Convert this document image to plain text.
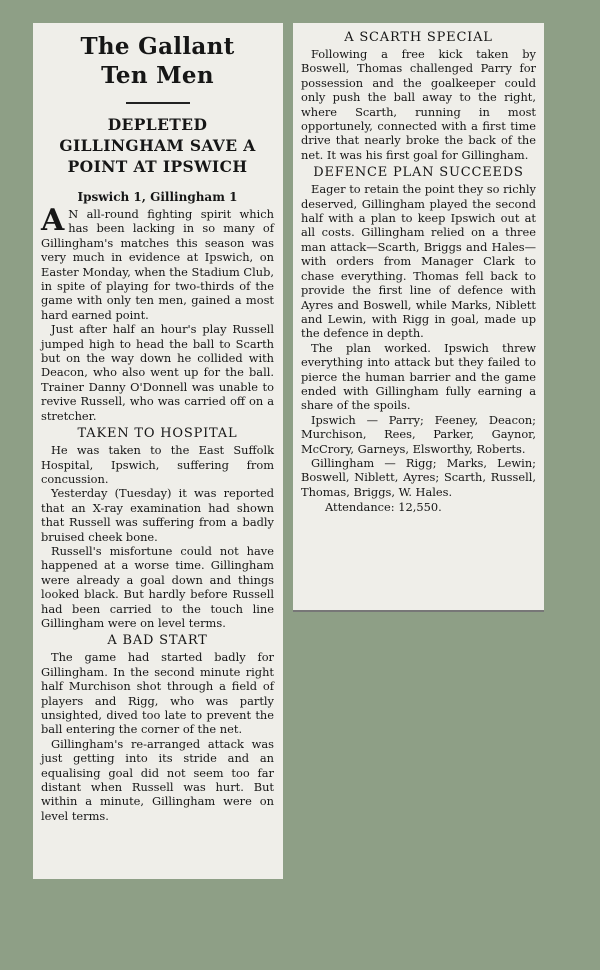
The Gallant
Ten Men
DEPLETED
GILLINGHAM SAVE A
POINT AT IPSWICH
Ipswich 1, Gillingham 1

A N all-round fighting spirit which has been lacking in so many of Gillingham's matches this season was very much in evidence at Ipswich, on Easter Monday, when the Stadium Club, in spite of playing for two-thirds of the game with only ten men, gained a most hard earned point.

Just after half an hour's play Russell jumped high to head the ball to Scarth but on the way down he collided with Deacon, who also went up for the ball. Trainer Danny O'Donnell was unable to revive Russell, who was carried off on a stretcher.

TAKEN TO HOSPITAL

He was taken to the East Suffolk Hospital, Ipswich, suffering from concussion.

Yesterday (Tuesday) it was reported that an X-ray examination had shown that Russell was suffering from a badly bruised cheek bone.

Russell's misfortune could not have happened at a worse time. Gillingham were already a goal down and things looked black. But hardly before Russell had been carried to the touch line Gillingham were on level terms.

A BAD START

The game had started badly for Gillingham. In the second minute right half Murchison shot through a field of players and Rigg, who was partly unsighted, dived too late to prevent the ball entering the corner of the net.

Gillingham's re-arranged attack was just getting into its stride and an equalising goal did not seem too far distant when Russell was hurt. But within a minute, Gillingham were on level terms.

A SCARTH SPECIAL

Following a free kick taken by Boswell, Thomas challenged Parry for possession and the goalkeeper could only push the ball away to the right, where Scarth, running in most opportunely, connected with a first time drive that nearly broke the back of the net. It was his first goal for Gillingham.

DEFENCE PLAN SUCCEEDS

Eager to retain the point they so richly deserved, Gillingham played the second half with a plan to keep Ipswich out at all costs. Gillingham relied on a three man attack—Scarth, Briggs and Hales—with orders from Manager Clark to chase everything. Thomas fell back to provide the first line of defence with Ayres and Boswell, while Marks, Niblett and Lewin, with Rigg in goal, made up the defence in depth.

The plan worked. Ipswich threw everything into attack but they failed to pierce the human barrier and the game ended with Gillingham fully earning a share of the spoils.

Ipswich — Parry; Feeney, Deacon; Murchison, Rees, Parker, Gaynor, McCrory, Garneys, Elsworthy, Roberts.

Gillingham — Rigg; Marks, Lewin; Boswell, Niblett, Ayres; Scarth, Russell, Thomas, Briggs, W. Hales.

Attendance: 12,550.
